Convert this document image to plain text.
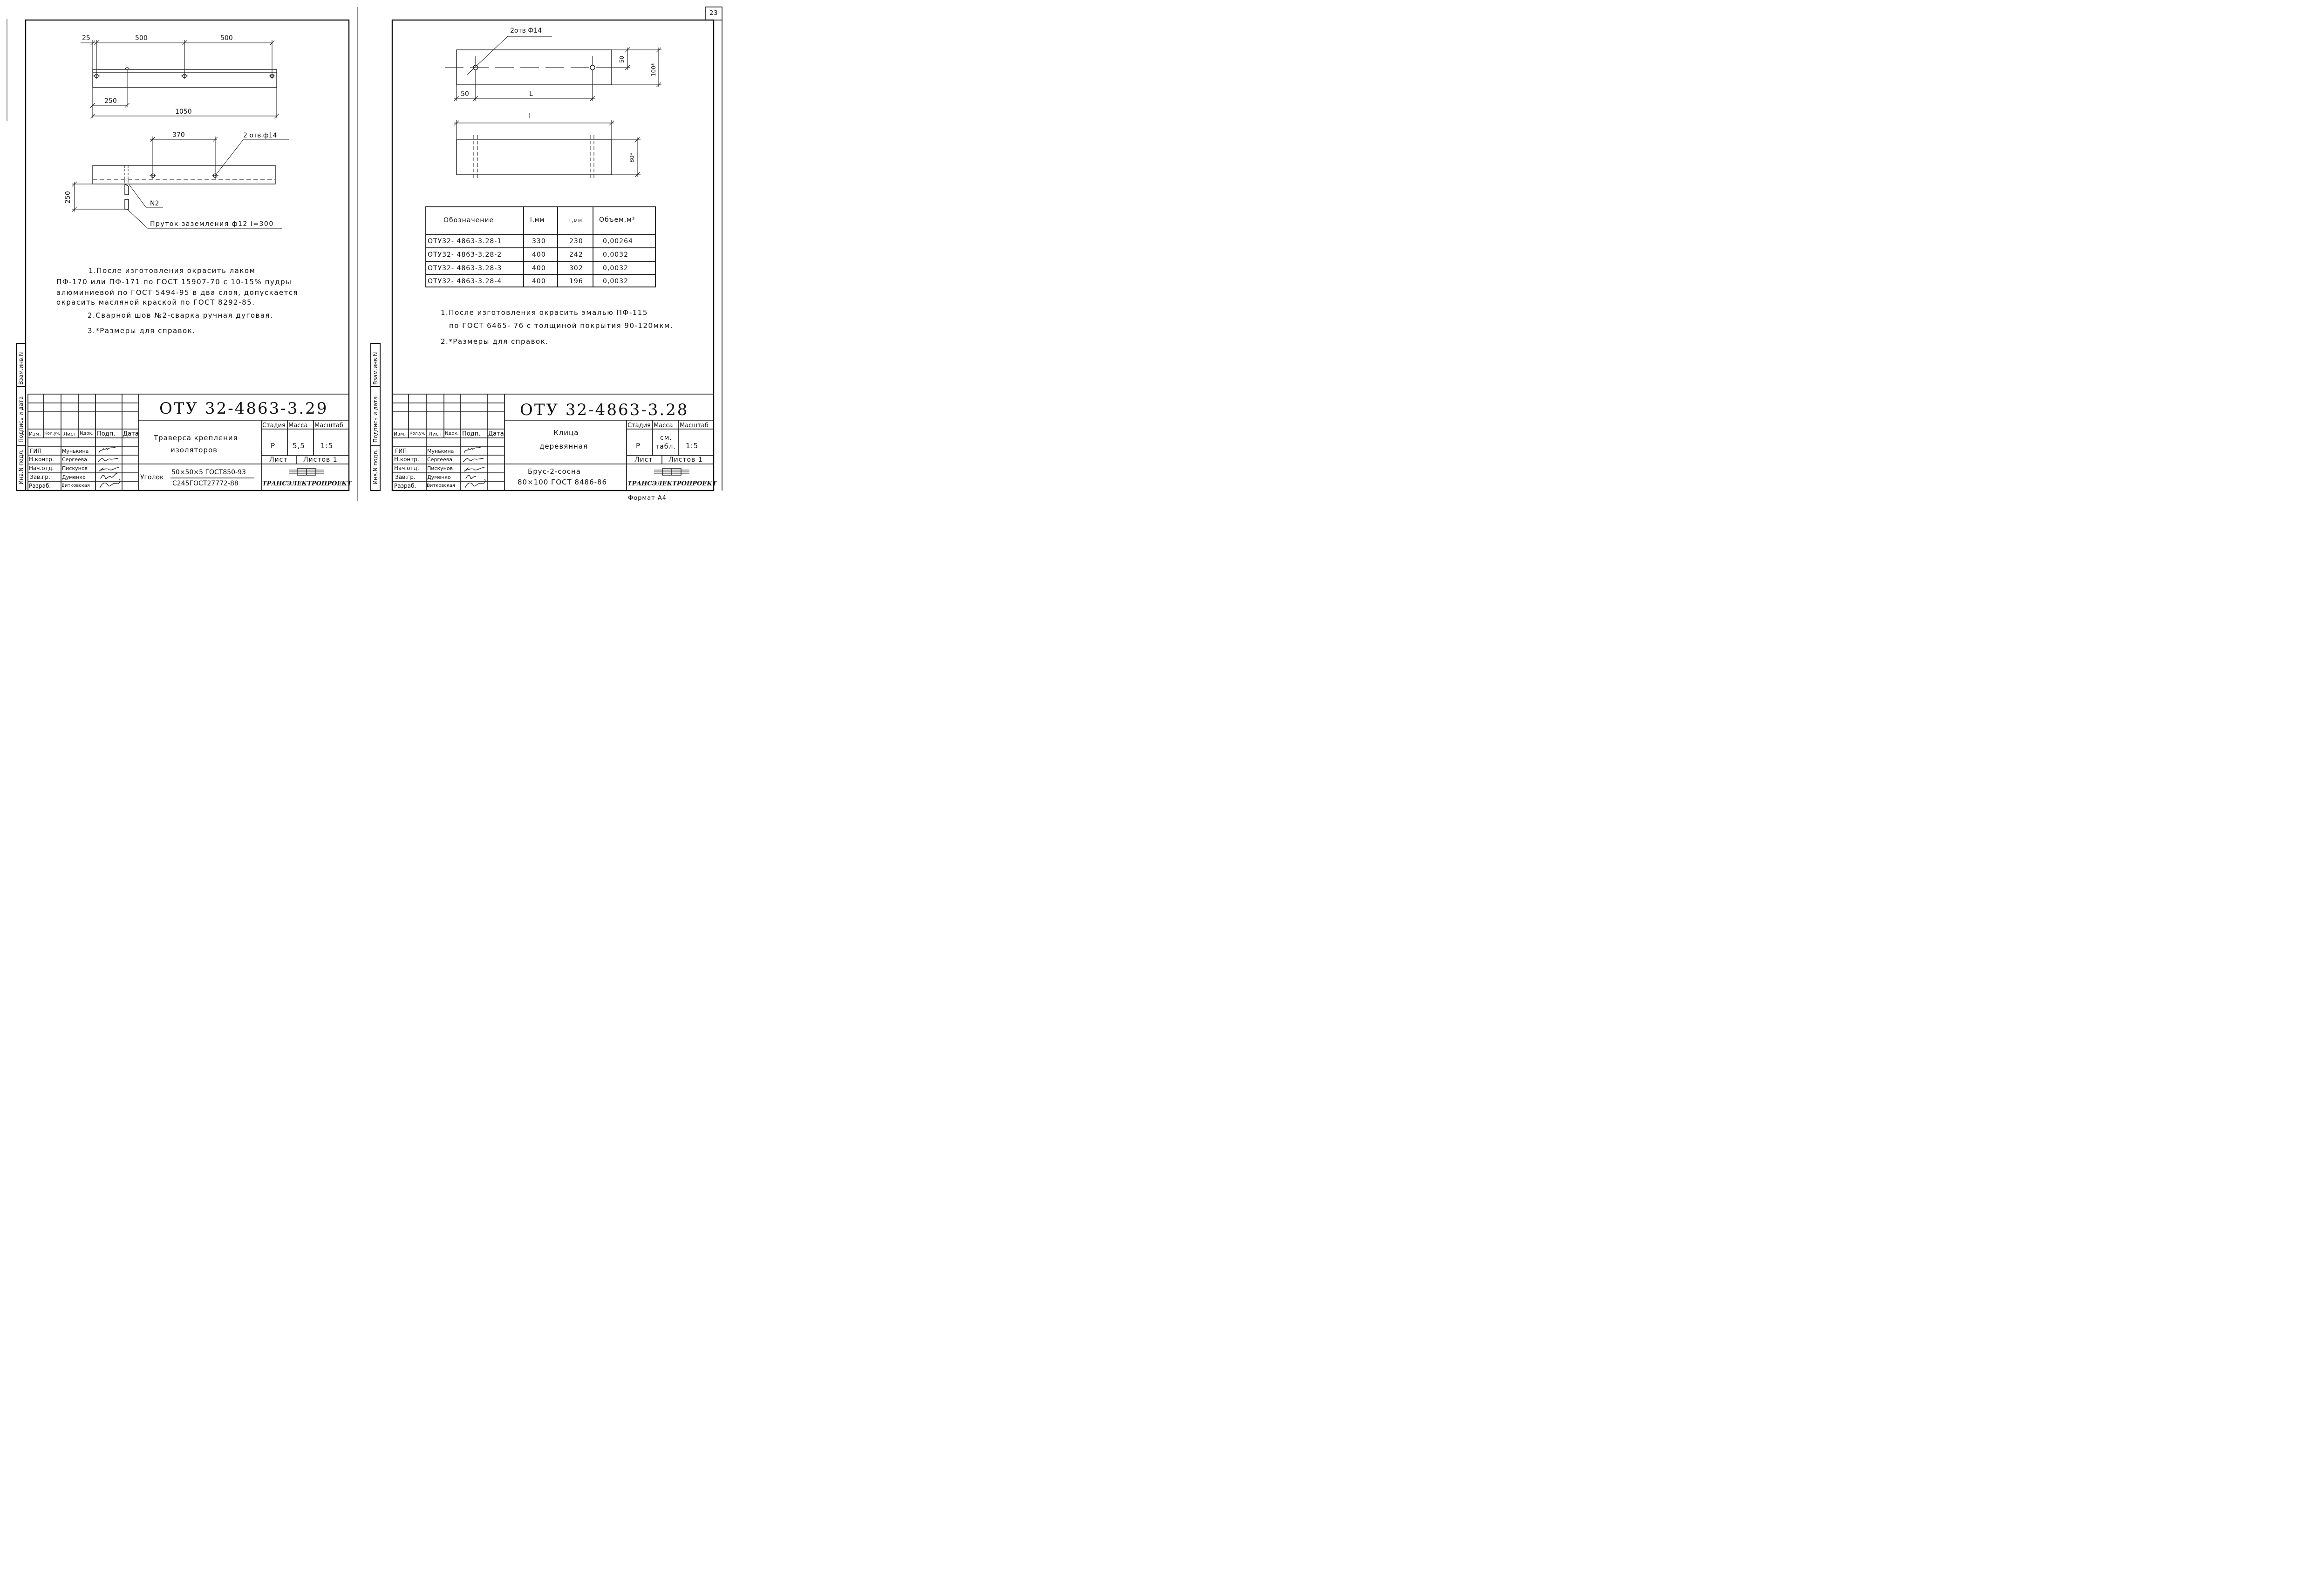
23
25	500	500
250
1050
370	2 отв.ф14
250	N2
Пруток заземления ф12 l=300
1.После изготовления окрасить лаком
ПФ-170 или ПФ-171 по ГОСТ 15907-70 с 10-15% пудры
алюминиевой по ГОСТ 5494-95 в два слоя, допускается
окрасить масляной краской по ГОСТ 8292-85.
2.Сварной шов №2-сварка ручная дуговая.
3.*Размеры для справок.
Инв.N подл.
Подпись и дата
Взам.инв.N
ОТУ 32-4863-3.29
Траверса крепления
изоляторов
Уголок
50×50×5 ГОСТ850-93
С245ГОСТ27772-88
Стадия Масса Масштаб
Р 5,5 1:5
Лист Листов 1
ТРАНСЭЛЕКТРОПРОЕКТ
Изм. Кол.уч. Лист Nдок. Подп. Дата
ГИП	Мунькина
Н.контр. Сергеева
Нач.отд. Пискунов
Зав.гр. Думенко
Разраб. Витковская
2отв Ф14
50
100*
50	L
l
80*
Обозначение	l,мм	L,мм	Объем,м³
ОТУ32- 4863-3.28-1	330	230	0,00264
ОТУ32- 4863-3.28-2	400	242	0,0032
ОТУ32- 4863-3.28-3	400	302	0,0032
ОТУ32- 4863-3.28-4	400	196	0,0032
1.После изготовления окрасить эмалью ПФ-115
по ГОСТ 6465- 76 с толщиной покрытия 90-120мкм.
2.*Размеры для справок.
Инв.N подл.
Подпись и дата
Взам.инв.N
ОТУ 32-4863-3.28
Клица
деревянная
Брус-2-сосна
80×100 ГОСТ 8486-86
Стадия Масса Масштаб
Р
см.
табл. 1:5
Лист Листов 1
ТРАНСЭЛЕКТРОПРОЕКТ
Изм. Кол.уч. Лист Nдок. Подп. Дата
ГИП	Мунькина
Н.контр. Сергеева
Нач.отд. Пискунов
Зав.гр. Думенко
Разраб. Витковская
Формат А4
